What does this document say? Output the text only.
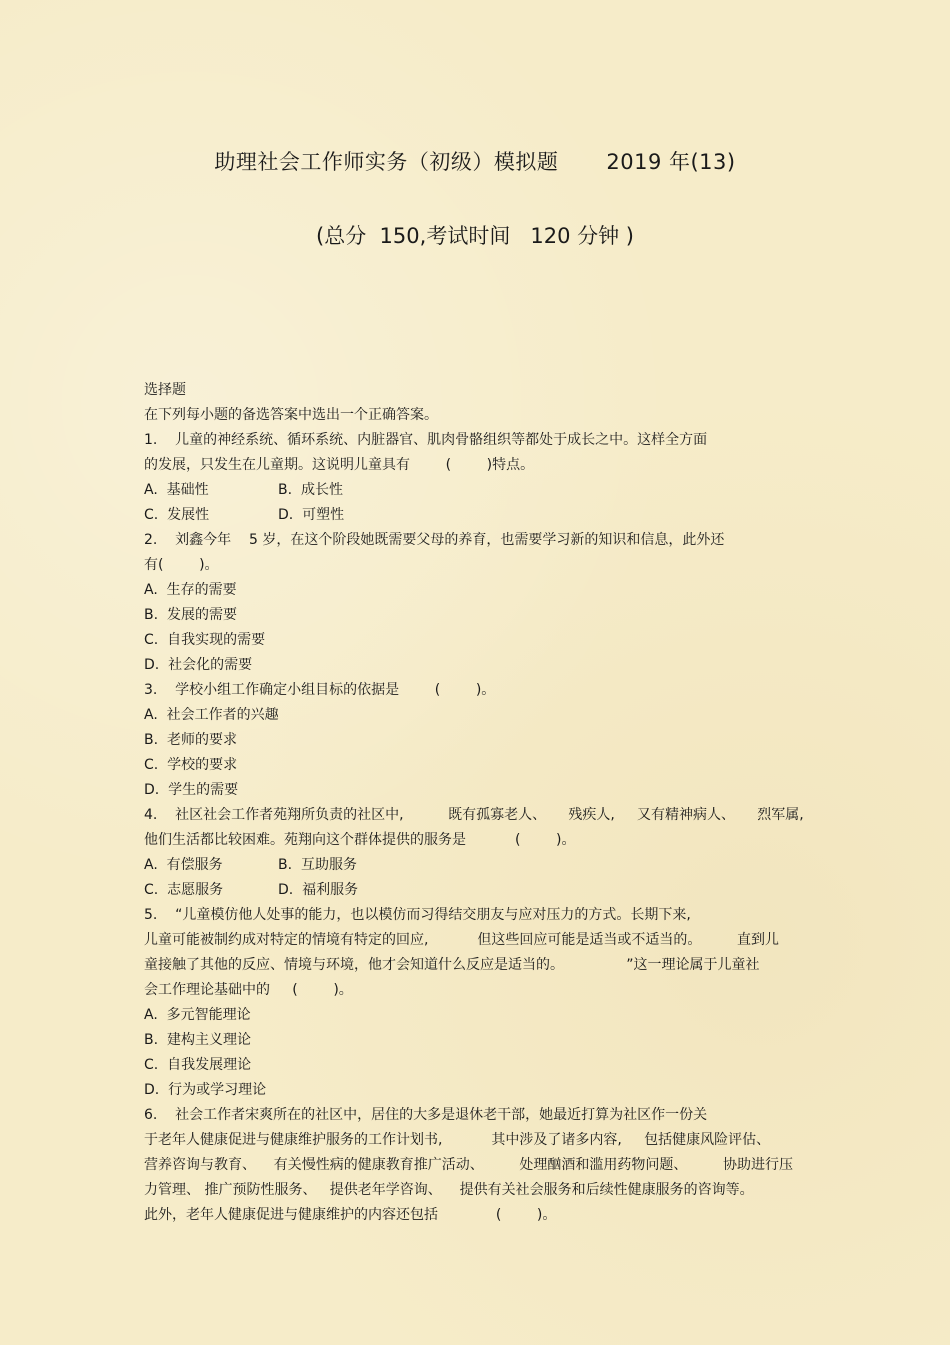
助理社会工作师实务（初级）模拟题 2019 年(13)
(总分  150,考试时间   120 分钟 )
选择题
在下列每小题的备选答案中选出一个正确答案。
1.    儿童的神经系统、循环系统、内脏器官、肌肉骨骼组织等都处于成长之中。这样全方面
的发展，只发生在儿童期。这说明儿童具有        (        )特点。
A.  基础性	B.  成长性
C.  发展性	D.  可塑性
2.    刘鑫今年    5 岁，在这个阶段她既需要父母的养育，也需要学习新的知识和信息，此外还
有(        )。
A.  生存的需要
B.  发展的需要
C.  自我实现的需要
D.  社会化的需要
3.    学校小组工作确定小组目标的依据是        (        )。
A.  社会工作者的兴趣
B.  老师的要求
C.  学校的要求
D.  学生的需要
4.    社区社会工作者苑翔所负责的社区中,          既有孤寡老人、     残疾人,     又有精神病人、     烈军属,
他们生活都比较困难。苑翔向这个群体提供的服务是           (        )。
A.  有偿服务	B.  互助服务
C.  志愿服务	D.  福利服务
5.    “儿童模仿他人处事的能力，也以模仿而习得结交朋友与应对压力的方式。长期下来,
儿童可能被制约成对特定的情境有特定的回应,           但这些回应可能是适当或不适当的。        直到儿
童接触了其他的反应、情境与环境，他才会知道什么反应是适当的。              ”这一理论属于儿童社
会工作理论基础中的     (        )。
A.  多元智能理论
B.  建构主义理论
C.  自我发展理论
D.  行为或学习理论
6.    社会工作者宋爽所在的社区中，居住的大多是退休老干部，她最近打算为社区作一份关
于老年人健康促进与健康维护服务的工作计划书,           其中涉及了诸多内容,     包括健康风险评估、
营养咨询与教育、    有关慢性病的健康教育推广活动、        处理酗酒和滥用药物问题、        协助进行压
力管理、 推广预防性服务、   提供老年学咨询、    提供有关社会服务和后续性健康服务的咨询等。
此外，老年人健康促进与健康维护的内容还包括             (        )。
